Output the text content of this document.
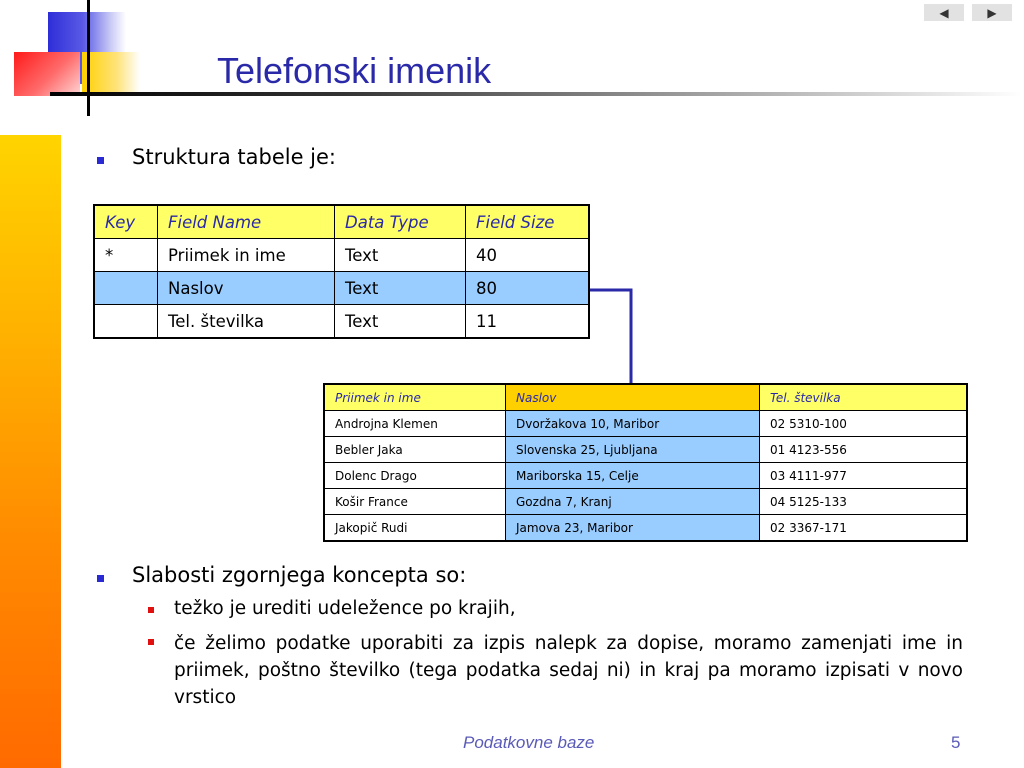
Telefonski imenik
◀	▶
Struktura tabele je:
Key	Field Name	Data Type	Field Size
*	Priimek in ime	Text	40
	Naslov	Text	80
	Tel. številka	Text	11
Priimek in ime	Naslov	Tel. številka
Androjna Klemen	Dvoržakova 10, Maribor	02 5310-100
Bebler Jaka	Slovenska 25, Ljubljana	01 4123-556
Dolenc Drago	Mariborska 15, Celje	03 4111-977
Košir France	Gozdna 7, Kranj	04 5125-133
Jakopič Rudi	Jamova 23, Maribor	02 3367-171
Slabosti zgornjega koncepta so:
težko je urediti udeležence po krajih,
če želimo podatke uporabiti za izpis nalepk za dopise, moramo zamenjati ime in priimek, poštno številko (tega podatka sedaj ni) in kraj pa moramo izpisati v novo vrstico
Podatkovne baze	5
